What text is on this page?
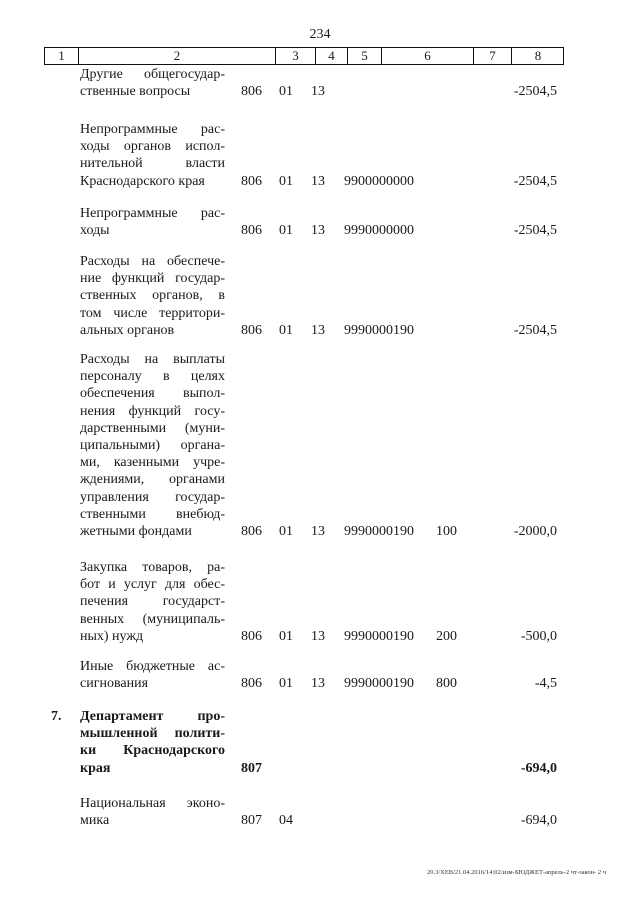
234
1	2	3	4	5	6	7	8
Другие общегосудар-
ственные вопросы	806 01 13	-2504,5
Непрограммные рас-
ходы органов испол-
нительной власти
Краснодарского края	806 01 13 9900000000	-2504,5
Непрограммные рас-
ходы	806 01 13 9990000000	-2504,5
Расходы на обеспече-
ние функций государ-
ственных органов, в
том числе территори-
альных органов	806 01 13 9990000190	-2504,5
Расходы на выплаты
персоналу в целях
обеспечения выпол-
нения функций госу-
дарственными (муни-
ципальными) органа-
ми, казенными учре-
ждениями, органами
управления государ-
ственными внебюд-
жетными фондами	806 01 13 9990000190 100	-2000,0
Закупка товаров, ра-
бот и услуг для обес-
печения государст-
венных (муниципаль-
ных) нужд	806 01 13 9990000190 200	-500,0
Иные бюджетные ас-
сигнования	806 01 13 9990000190 800	-4,5
7. Департамент про-
мышленной полити-
ки Краснодарского
края	807	-694,0
Национальная эконо-
мика	807 04	-694,0
20.3/ХЕВ/21.04.2016/14:02/изм-БЮДЖЕТ-апрель-2 чт-закон- 2 ч
